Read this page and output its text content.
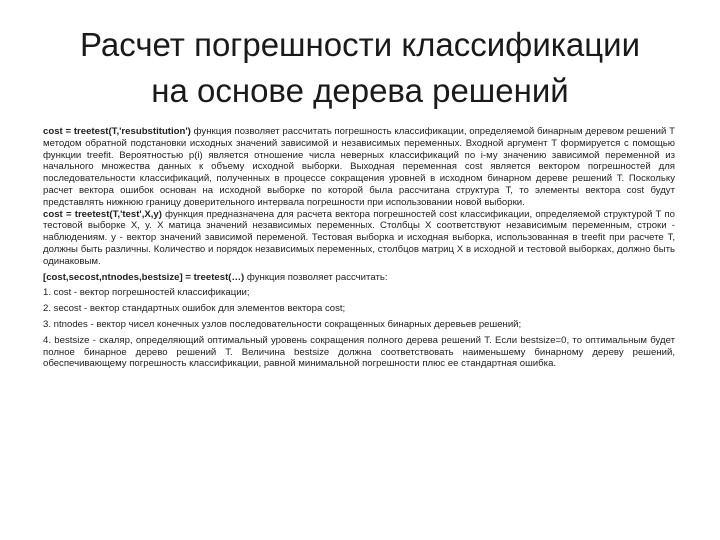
Расчет погрешности классификации
на основе дерева решений

cost = treetest(T,'resubstitution') функция позволяет рассчитать погрешность классификации, определяемой бинарным деревом решений T методом обратной подстановки исходных значений зависимой и независимых переменных. Входной аргумент T формируется с помощью функции treefit. Вероятностью p(i) является отношение числа неверных классификаций по i-му значению зависимой переменной из начального множества данных к объему исходной выборки. Выходная переменная cost является вектором погрешностей для последовательности классификаций, полученных в процессе сокращения уровней в исходном бинарном дереве решений T. Поскольку расчет вектора ошибок основан на исходной выборке по которой была рассчитана структура T, то элементы вектора cost будут представлять нижнюю границу доверительного интервала погрешности при использовании новой выборки.

cost = treetest(T,'test',X,y) функция предназначена для расчета вектора погрешностей cost классификации, определяемой структурой T по тестовой выборке X, y. X матица значений независимых переменных. Столбцы X соответствуют независимым переменным, строки - наблюдениям. y - вектор значений зависимой переменой. Тестовая выборка и исходная выборка, использованная в treefit при расчете T, должны быть различны. Количество и порядок независимых переменных, столбцов матриц X в исходной и тестовой выборках, должно быть одинаковым.

[cost,secost,ntnodes,bestsize] = treetest(…) функция позволяет рассчитать:

1. cost - вектор погрешностей классификации;

2. secost - вектор стандартных ошибок для элементов вектора cost;

3. ntnodes - вектор чисел конечных узлов последовательности сокращенных бинарных деревьев решений;

4. bestsize - скаляр, определяющий оптимальный уровень сокращения полного дерева решений T. Если bestsize=0, то оптимальным будет полное бинарное дерево решений T. Величина bestsize должна соответствовать наименьшему бинарному дереву решений, обеспечивающему погрешность классификации, равной минимальной погрешности плюс ее стандартная ошибка.
